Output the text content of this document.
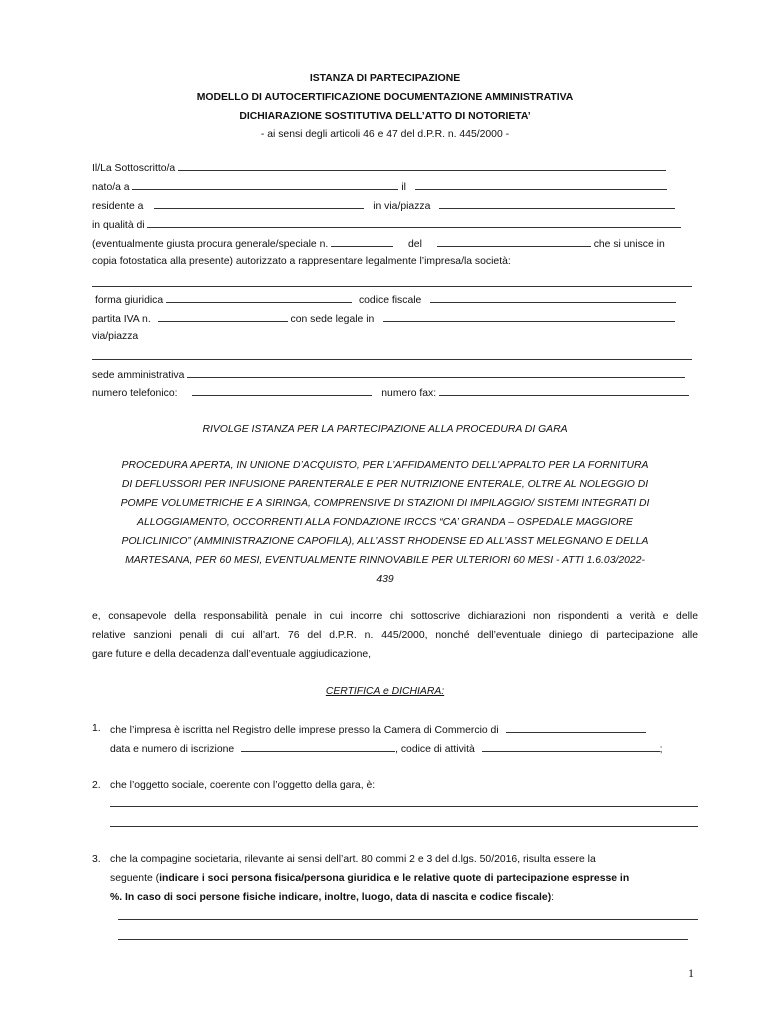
ISTANZA DI PARTECIPAZIONE
MODELLO DI AUTOCERTIFICAZIONE DOCUMENTAZIONE AMMINISTRATIVA
DICHIARAZIONE SOSTITUTIVA DELL’ATTO DI NOTORIETA’
- ai sensi degli articoli 46 e 47 del d.P.R. n. 445/2000 -
Il/La Sottoscritto/a
nato/a a	il
residente a	in via/piazza
in qualità di
(eventualmente giusta procura generale/speciale n.	del	che si unisce in
copia fotostatica alla presente) autorizzato a rappresentare legalmente l’impresa/la società:
forma giuridica	codice fiscale
partita IVA n.	con sede legale in
via/piazza
sede amministrativa
numero telefonico:	numero fax:
RIVOLGE ISTANZA PER LA PARTECIPAZIONE ALLA PROCEDURA DI GARA
PROCEDURA APERTA, IN UNIONE D’ACQUISTO, PER L’AFFIDAMENTO DELL’APPALTO PER LA FORNITURA
DI DEFLUSSORI PER INFUSIONE PARENTERALE E PER NUTRIZIONE ENTERALE, OLTRE AL NOLEGGIO DI
POMPE VOLUMETRICHE E A SIRINGA, COMPRENSIVE DI STAZIONI DI IMPILAGGIO/ SISTEMI INTEGRATI DI
ALLOGGIAMENTO, OCCORRENTI ALLA FONDAZIONE IRCCS “CA’ GRANDA – OSPEDALE MAGGIORE
POLICLINICO” (AMMINISTRAZIONE CAPOFILA), ALL’ASST RHODENSE ED ALL’ASST MELEGNANO E DELLA
MARTESANA, PER 60 MESI, EVENTUALMENTE RINNOVABILE PER ULTERIORI 60 MESI - ATTI 1.6.03/2022-
439
e, consapevole della responsabilità penale in cui incorre chi sottoscrive dichiarazioni non rispondenti a verità e delle
relative sanzioni penali di cui all’art. 76 del d.P.R. n. 445/2000, nonché dell’eventuale diniego di partecipazione alle
gare future e della decadenza dall’eventuale aggiudicazione,
CERTIFICA e DICHIARA:
1. che l’impresa è iscritta nel Registro delle imprese presso la Camera di Commercio di
data e numero di iscrizione	, codice di attività	;
2. che l’oggetto sociale, coerente con l’oggetto della gara, è:
3. che la compagine societaria, rilevante ai sensi dell’art. 80 commi 2 e 3 del d.lgs. 50/2016, risulta essere la
seguente (indicare i soci persona fisica/persona giuridica e le relative quote di partecipazione espresse in
%. In caso di soci persone fisiche indicare, inoltre, luogo, data di nascita e codice fiscale):
1
